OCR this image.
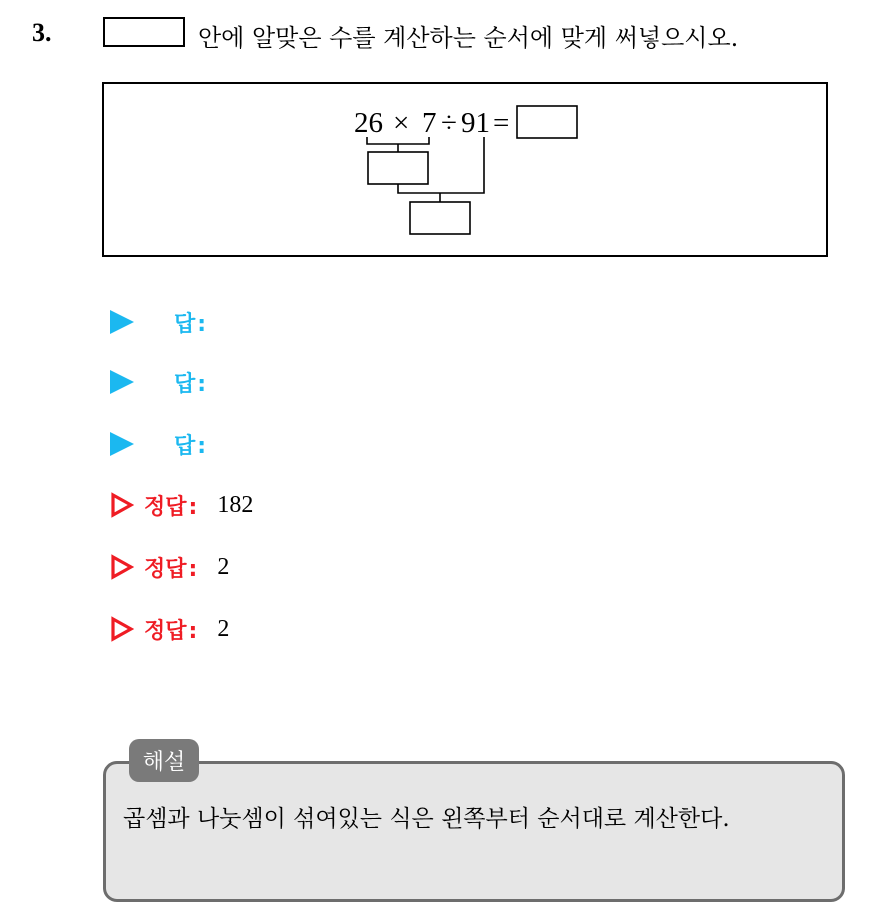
3.	안에 알맞은 수를 계산하는 순서에 맞게 써넣으시오.
26 × 7 ÷ 91 =
답:
답:
답:
정답: 182
정답: 2
정답: 2
해설
곱셈과 나눗셈이 섞여있는 식은 왼쪽부터 순서대로 계산한다.
